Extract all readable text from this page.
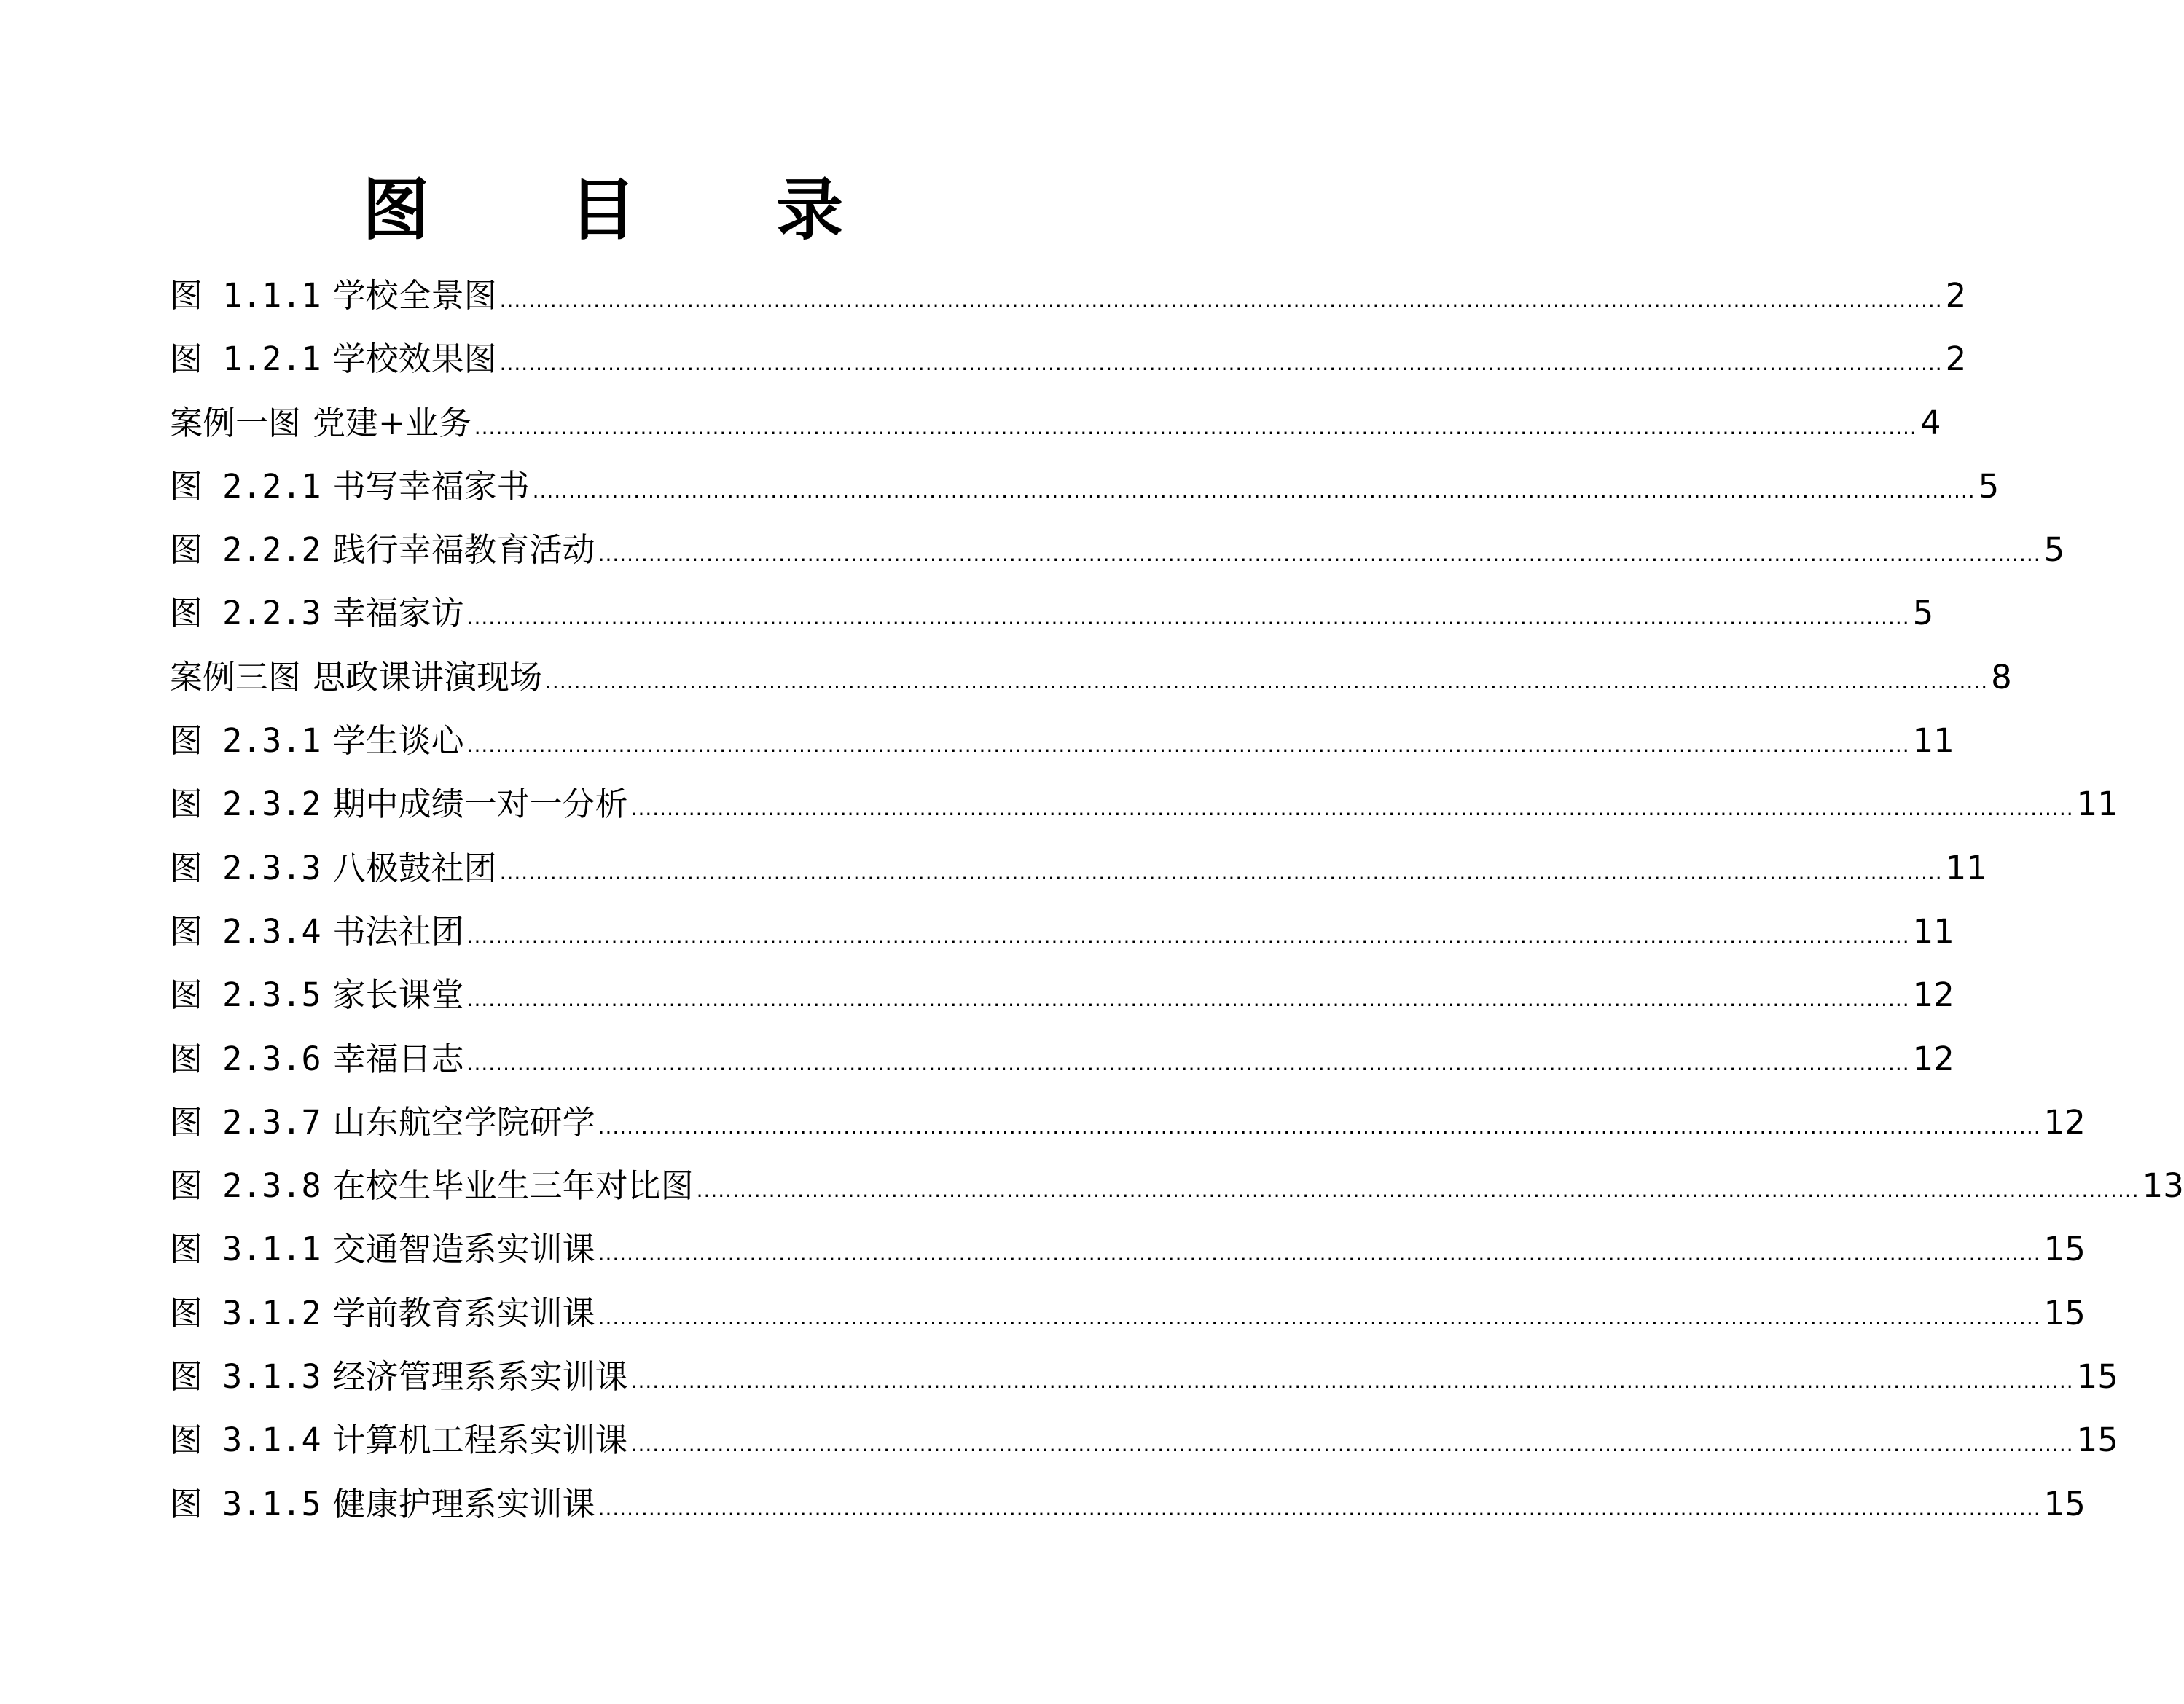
图 目 录
图 1.1.1 学校全景图 ........................................................................................................................................................................................................ 2
图 1.2.1 学校效果图 ........................................................................................................................................................................................................ 2
案例一图 党建+业务 ........................................................................................................................................................................................................ 4
图 2.2.1 书写幸福家书 ........................................................................................................................................................................................................ 5
图 2.2.2 践行幸福教育活动 ........................................................................................................................................................................................................ 5
图 2.2.3 幸福家访 ........................................................................................................................................................................................................ 5
案例三图 思政课讲演现场 ........................................................................................................................................................................................................ 8
图 2.3.1 学生谈心 ........................................................................................................................................................................................................ 11
图 2.3.2 期中成绩一对一分析 ........................................................................................................................................................................................................ 11
图 2.3.3 八极鼓社团 ........................................................................................................................................................................................................ 11
图 2.3.4 书法社团 ........................................................................................................................................................................................................ 11
图 2.3.5 家长课堂 ........................................................................................................................................................................................................ 12
图 2.3.6 幸福日志 ........................................................................................................................................................................................................ 12
图 2.3.7 山东航空学院研学 ........................................................................................................................................................................................................ 12
图 2.3.8 在校生毕业生三年对比图 ........................................................................................................................................................................................................ 13
图 3.1.1 交通智造系实训课 ........................................................................................................................................................................................................ 15
图 3.1.2 学前教育系实训课 ........................................................................................................................................................................................................ 15
图 3.1.3 经济管理系系实训课 ........................................................................................................................................................................................................ 15
图 3.1.4 计算机工程系实训课 ........................................................................................................................................................................................................ 15
图 3.1.5 健康护理系实训课 ........................................................................................................................................................................................................ 15
